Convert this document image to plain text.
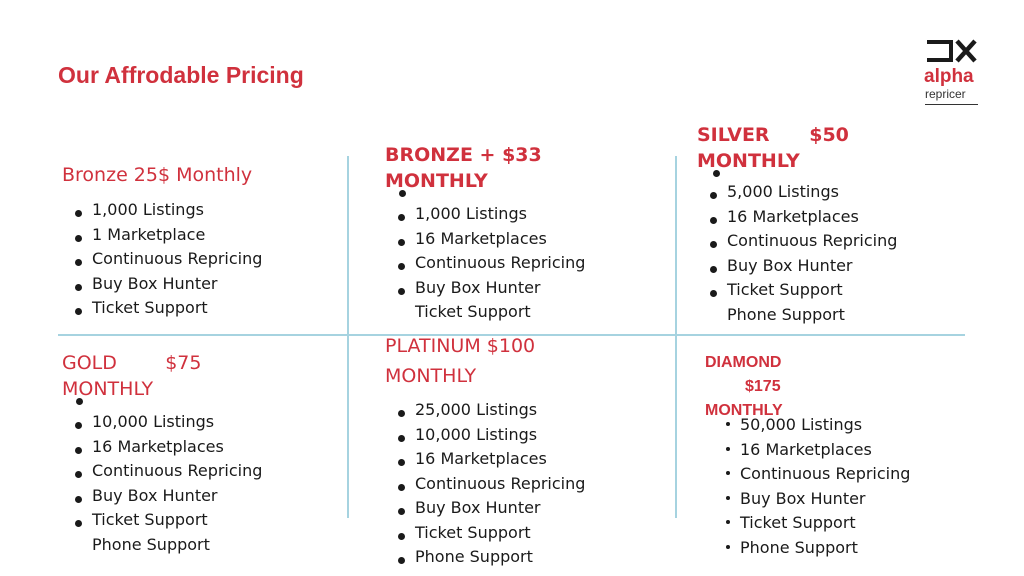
Our Affrodable Pricing	alpha
repricer
Bronze 25$ Monthly
1,000 Listings
1 Marketplace
Continuous Repricing
Buy Box Hunter
Ticket Support
BRONZE + $33
MONTHLY
1,000 Listings
16 Marketplaces
Continuous Repricing
Buy Box Hunter
Ticket Support
SILVER      $50
MONTHLY
5,000 Listings
16 Marketplaces
Continuous Repricing
Buy Box Hunter
Ticket Support
Phone Support
GOLD        $75
MONTHLY
10,000 Listings
16 Marketplaces
Continuous Repricing
Buy Box Hunter
Ticket Support
Phone Support
PLATINUM $100
MONTHLY
25,000 Listings
10,000 Listings
16 Marketplaces
Continuous Repricing
Buy Box Hunter
Ticket Support
Phone Support
DIAMOND
$175
MONTHLY
50,000 Listings
16 Marketplaces
Continuous Repricing
Buy Box Hunter
Ticket Support
Phone Support
